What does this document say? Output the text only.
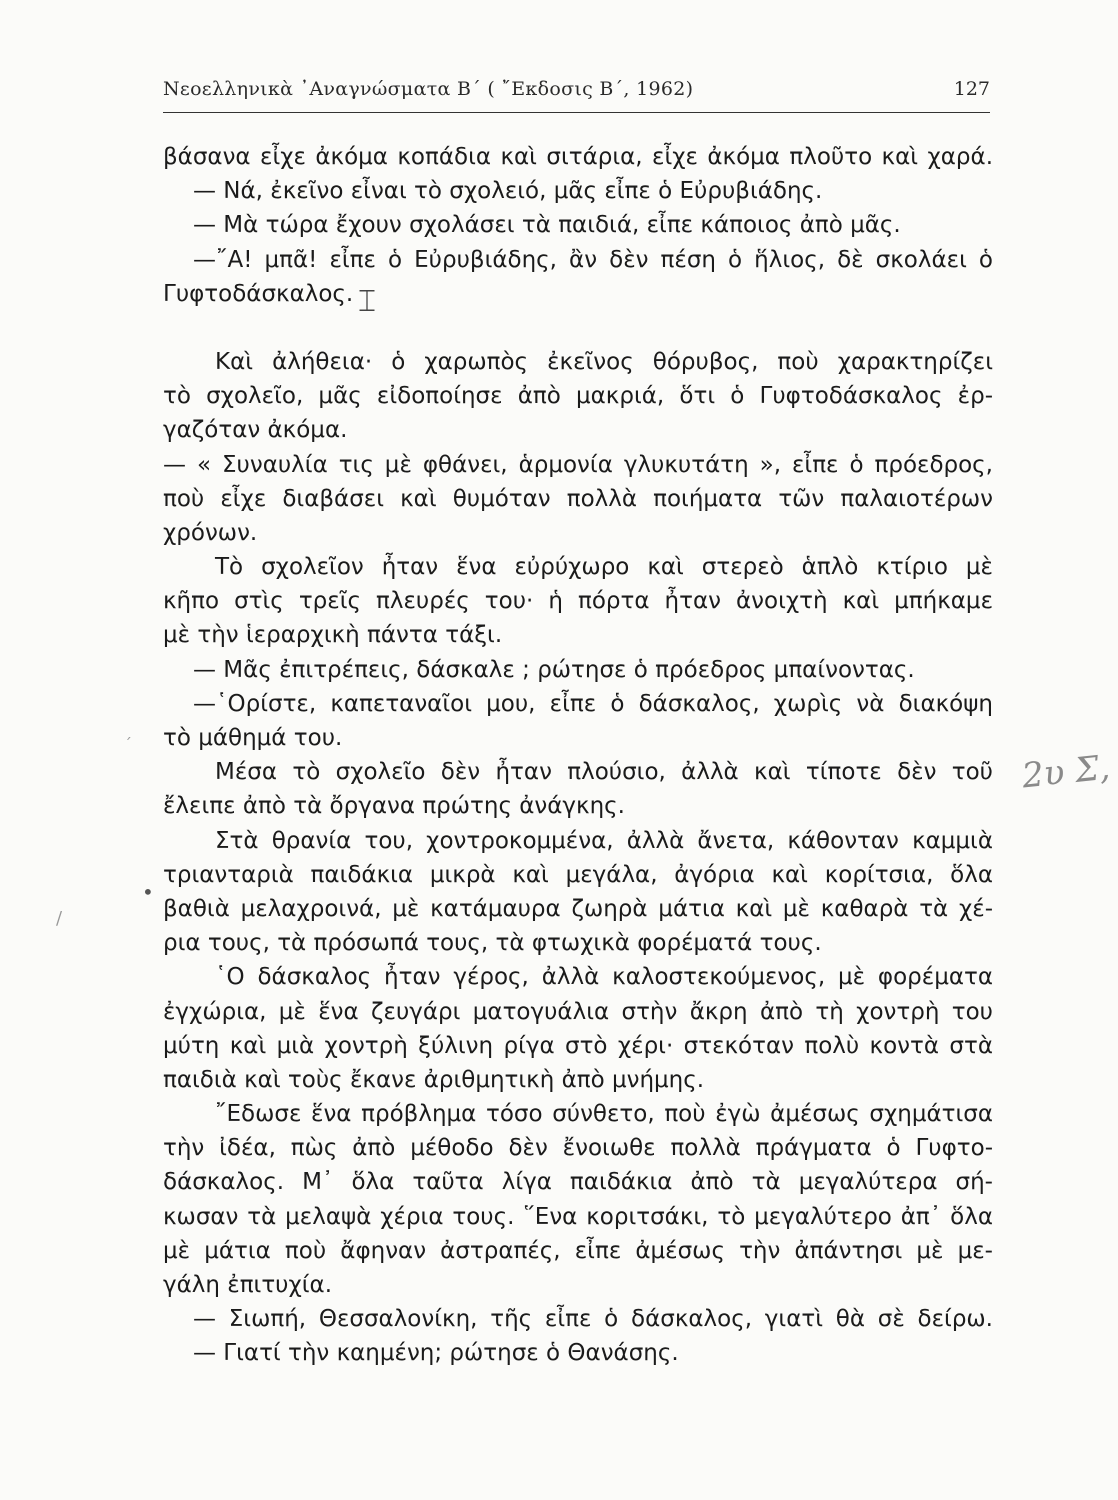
Νεοελληνικὰ ᾿Αναγνώσματα Β΄ ( ῎Εκδοσις Β΄, 1962)	127
βάσανα εἶχε ἀκόμα κοπάδια καὶ σιτάρια, εἶχε ἀκόμα πλοῦτο καὶ χαρά.
— Νά, ἐκεῖνο εἶναι τὸ σχολειό, μᾶς εἶπε ὁ Εὐρυβιάδης.
— Μὰ τώρα ἔχουν σχολάσει τὰ παιδιά, εἶπε κάποιος ἀπὸ μᾶς.
—῎Α! μπᾶ! εἶπε ὁ Εὐρυβιάδης, ἂν δὲν πέση ὁ ἥλιος, δὲ σκολάει ὁ
Γυφτοδάσκαλος.
Καὶ ἀλήθεια· ὁ χαρωπὸς ἐκεῖνος θόρυβος, ποὺ χαρακτηρίζει
τὸ σχολεῖο, μᾶς εἰδοποίησε ἀπὸ μακριά, ὅτι ὁ Γυφτοδάσκαλος ἐρ-
γαζόταν ἀκόμα.
— « Συναυλία τις μὲ φθάνει, ἁρμονία γλυκυτάτη », εἶπε ὁ πρόεδρος,
ποὺ εἶχε διαβάσει καὶ θυμόταν πολλὰ ποιήματα τῶν παλαιοτέρων
χρόνων.
Τὸ σχολεῖον ἦταν ἕνα εὐρύχωρο καὶ στερεὸ ἁπλὸ κτίριο μὲ
κῆπο στὶς τρεῖς πλευρές του· ἡ πόρτα ἦταν ἀνοιχτὴ καὶ μπήκαμε
μὲ τὴν ἱεραρχικὴ πάντα τάξι.
— Μᾶς ἐπιτρέπεις, δάσκαλε ; ρώτησε ὁ πρόεδρος μπαίνοντας.
—῾Ορίστε, καπεταναῖοι μου, εἶπε ὁ δάσκαλος, χωρὶς νὰ διακόψη
τὸ μάθημά του.
Μέσα τὸ σχολεῖο δὲν ἦταν πλούσιο, ἀλλὰ καὶ τίποτε δὲν τοῦ
ἔλειπε ἀπὸ τὰ ὄργανα πρώτης ἀνάγκης.
Στὰ θρανία του, χοντροκομμένα, ἀλλὰ ἄνετα, κάθονταν καμμιὰ
τριανταριὰ παιδάκια μικρὰ καὶ μεγάλα, ἀγόρια καὶ κορίτσια, ὅλα
βαθιὰ μελαχροινά, μὲ κατάμαυρα ζωηρὰ μάτια καὶ μὲ καθαρὰ τὰ χέ-
ρια τους, τὰ πρόσωπά τους, τὰ φτωχικὰ φορέματά τους.
῾Ο δάσκαλος ἦταν γέρος, ἀλλὰ καλοστεκούμενος, μὲ φορέματα
ἐγχώρια, μὲ ἕνα ζευγάρι ματογυάλια στὴν ἄκρη ἀπὸ τὴ χοντρὴ του
μύτη καὶ μιὰ χοντρὴ ξύλινη ρίγα στὸ χέρι· στεκόταν πολὺ κοντὰ στὰ
παιδιὰ καὶ τοὺς ἔκανε ἀριθμητικὴ ἀπὸ μνήμης.
῎Εδωσε ἕνα πρόβλημα τόσο σύνθετο, ποὺ ἐγὼ ἀμέσως σχημάτισα
τὴν ἰδέα, πὼς ἀπὸ μέθοδο δὲν ἔνοιωθε πολλὰ πράγματα ὁ Γυφτο-
δάσκαλος. Μ᾿ ὅλα ταῦτα λίγα παιδάκια ἀπὸ τὰ μεγαλύτερα σή-
κωσαν τὰ μελαψὰ χέρια τους. ῞Ενα κοριτσάκι, τὸ μεγαλύτερο ἀπ᾿ ὅλα
μὲ μάτια ποὺ ἄφηναν ἀστραπές, εἶπε ἀμέσως τὴν ἀπάντησι μὲ με-
γάλη ἐπιτυχία.
— Σιωπή, Θεσσαλονίκη, τῆς εἶπε ὁ δάσκαλος, γιατὶ θὰ σὲ δείρω.
— Γιατί τὴν καημένη; ρώτησε ὁ Θανάσης.
⌶
2υ Σ,
•
´
/
